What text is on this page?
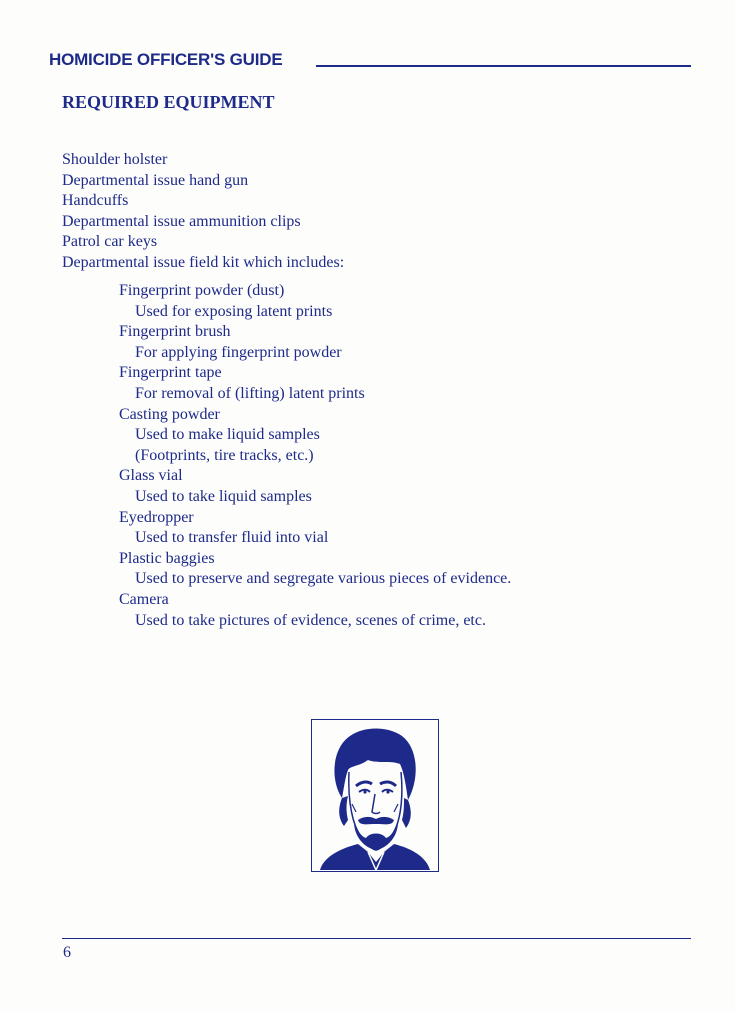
HOMICIDE OFFICER'S GUIDE
REQUIRED EQUIPMENT
Shoulder holster
Departmental issue hand gun
Handcuffs
Departmental issue ammunition clips
Patrol car keys
Departmental issue field kit which includes:
Fingerprint powder (dust)
Used for exposing latent prints
Fingerprint brush
For applying fingerprint powder
Fingerprint tape
For removal of (lifting) latent prints
Casting powder
Used to make liquid samples
(Footprints, tire tracks, etc.)
Glass vial
Used to take liquid samples
Eyedropper
Used to transfer fluid into vial
Plastic baggies
Used to preserve and segregate various pieces of evidence.
Camera
Used to take pictures of evidence, scenes of crime, etc.
6
